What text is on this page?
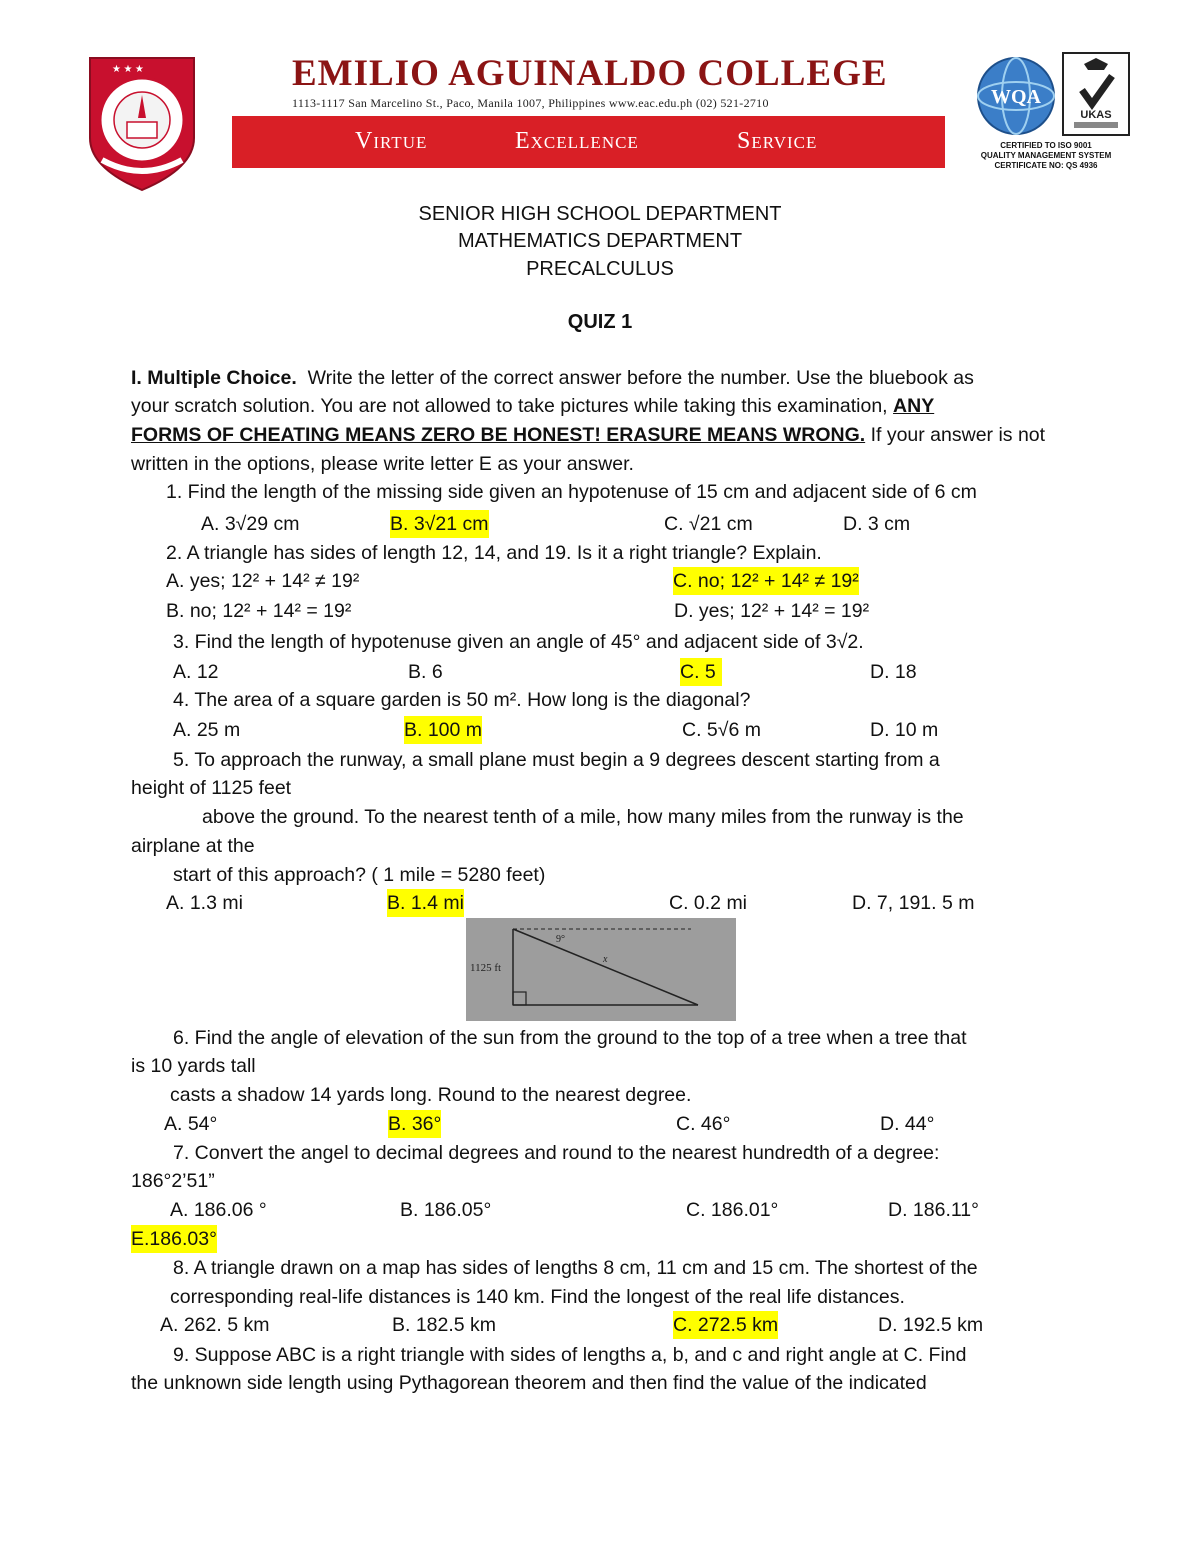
★ ★ ★	EMILIO AGUINALDO COLLEGE
1113-1117 San Marcelino St., Paco, Manila 1007, Philippines www.eac.edu.ph (02) 521-2710
Virtue	Excellence	Service
WQA
UKAS
CERTIFIED TO ISO 9001
QUALITY MANAGEMENT SYSTEM
CERTIFICATE NO: QS 4936
SENIOR HIGH SCHOOL DEPARTMENT
MATHEMATICS DEPARTMENT
PRECALCULUS
QUIZ 1
I. Multiple Choice. Write the letter of the correct answer before the number. Use the bluebook as
your scratch solution. You are not allowed to take pictures while taking this examination, ANY
FORMS OF CHEATING MEANS ZERO BE HONEST! ERASURE MEANS WRONG. If your answer is not
written in the options, please write letter E as your answer.
1. Find the length of the missing side given an hypotenuse of 15 cm and adjacent side of 6 cm
A. 3√29 cm	B. 3√21 cm	C. √21 cm	D. 3 cm
2. A triangle has sides of length 12, 14, and 19. Is it a right triangle? Explain.
A. yes; 12² + 14² ≠ 19²	C. no; 12² + 14² ≠ 19²
B. no; 12² + 14² = 19²	D. yes; 12² + 14² = 19²
3. Find the length of hypotenuse given an angle of 45° and adjacent side of 3√2.
A. 12	B. 6	C. 5	D. 18
4. The area of a square garden is 50 m². How long is the diagonal?
A. 25 m	B. 100 m	C. 5√6 m	D. 10 m
5. To approach the runway, a small plane must begin a 9 degrees descent starting from a
height of 1125 feet
above the ground. To the nearest tenth of a mile, how many miles from the runway is the
airplane at the
start of this approach? ( 1 mile = 5280 feet)
A. 1.3 mi	B. 1.4 mi	C. 0.2 mi	D. 7, 191. 5 m
1125 ft
9°
x
6. Find the angle of elevation of the sun from the ground to the top of a tree when a tree that
is 10 yards tall
casts a shadow 14 yards long. Round to the nearest degree.
A. 54°	B. 36°	C. 46°	D. 44°
7. Convert the angel to decimal degrees and round to the nearest hundredth of a degree:
186°2’51”
A. 186.06 °	B. 186.05°	C. 186.01°	D. 186.11°
E.186.03°
8. A triangle drawn on a map has sides of lengths 8 cm, 11 cm and 15 cm. The shortest of the
corresponding real-life distances is 140 km. Find the longest of the real life distances.
A. 262. 5 km	B. 182.5 km	C. 272.5 km	D. 192.5 km
9. Suppose ABC is a right triangle with sides of lengths a, b, and c and right angle at C. Find
the unknown side length using Pythagorean theorem and then find the value of the indicated
